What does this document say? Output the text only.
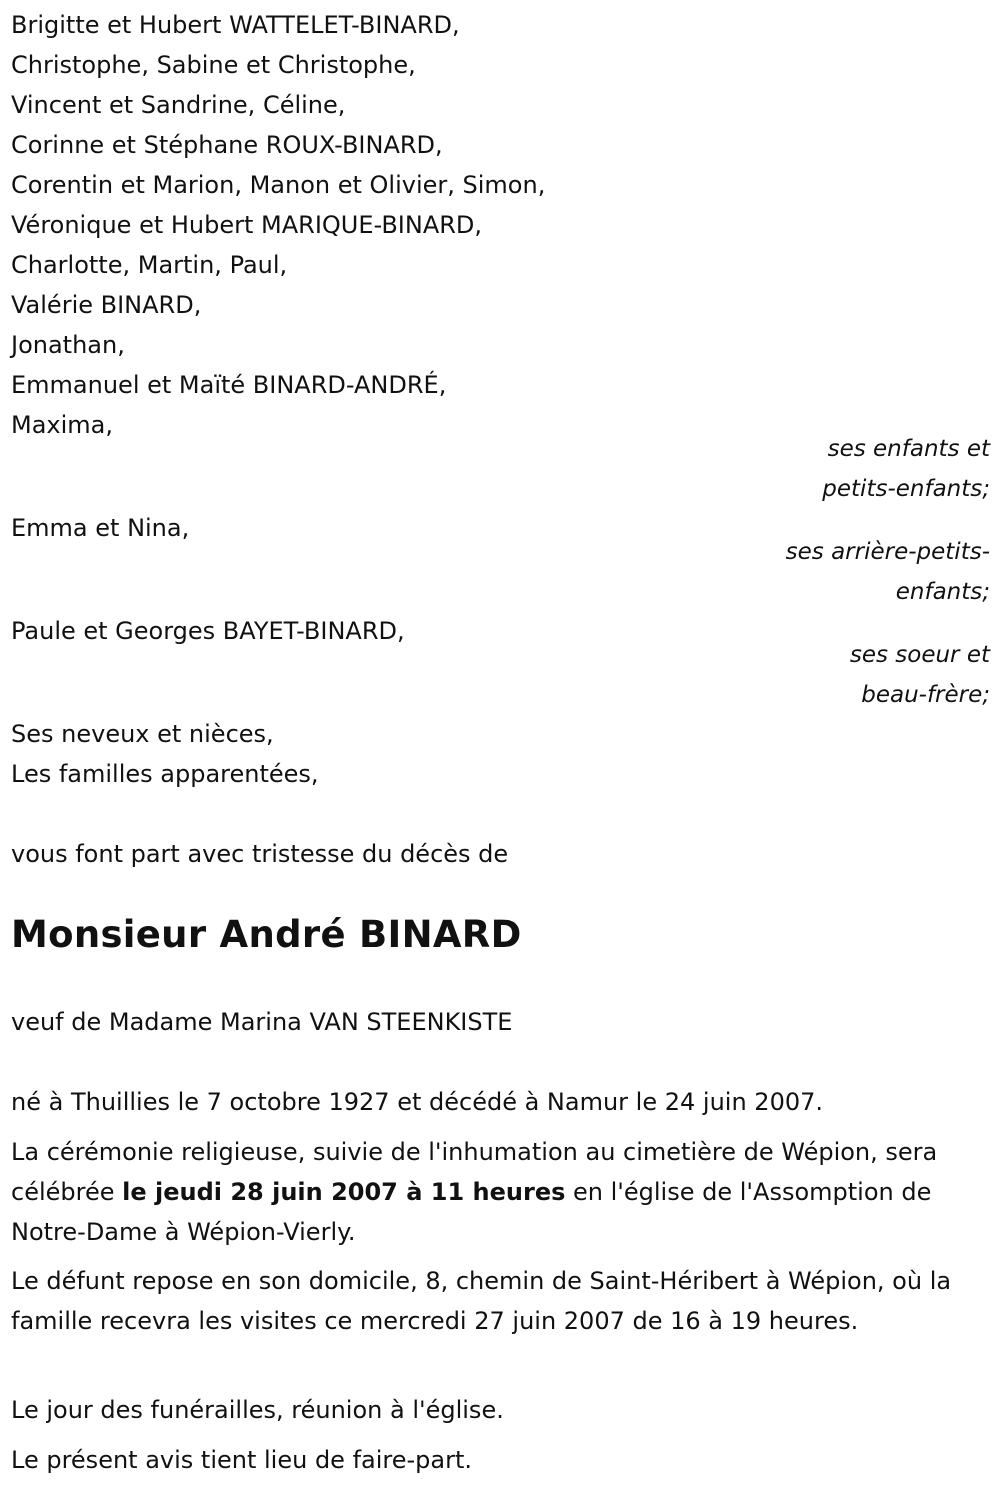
Brigitte et Hubert WATTELET-BINARD,
Christophe, Sabine et Christophe,
Vincent et Sandrine, Céline,
Corinne et Stéphane ROUX-BINARD,
Corentin et Marion, Manon et Olivier, Simon,
Véronique et Hubert MARIQUE-BINARD,
Charlotte, Martin, Paul,
Valérie BINARD,
Jonathan,
Emmanuel et Maïté BINARD-ANDRÉ,
Maxima,
ses enfants et
petits-enfants;
Emma et Nina,
ses arrière-petits-
enfants;
Paule et Georges BAYET-BINARD,
ses soeur et
beau-frère;
Ses neveux et nièces,
Les familles apparentées,
vous font part avec tristesse du décès de
Monsieur André BINARD
veuf de Madame Marina VAN STEENKISTE
né à Thuillies le 7 octobre 1927 et décédé à Namur le 24 juin 2007.
La cérémonie religieuse, suivie de l'inhumation au cimetière de Wépion, sera célébrée le jeudi 28 juin 2007 à 11 heures en l'église de l'Assomption de Notre-Dame à Wépion-Vierly.
Le défunt repose en son domicile, 8, chemin de Saint-Héribert à Wépion, où la famille recevra les visites ce mercredi 27 juin 2007 de 16 à 19 heures.
Le jour des funérailles, réunion à l'église.
Le présent avis tient lieu de faire-part.
